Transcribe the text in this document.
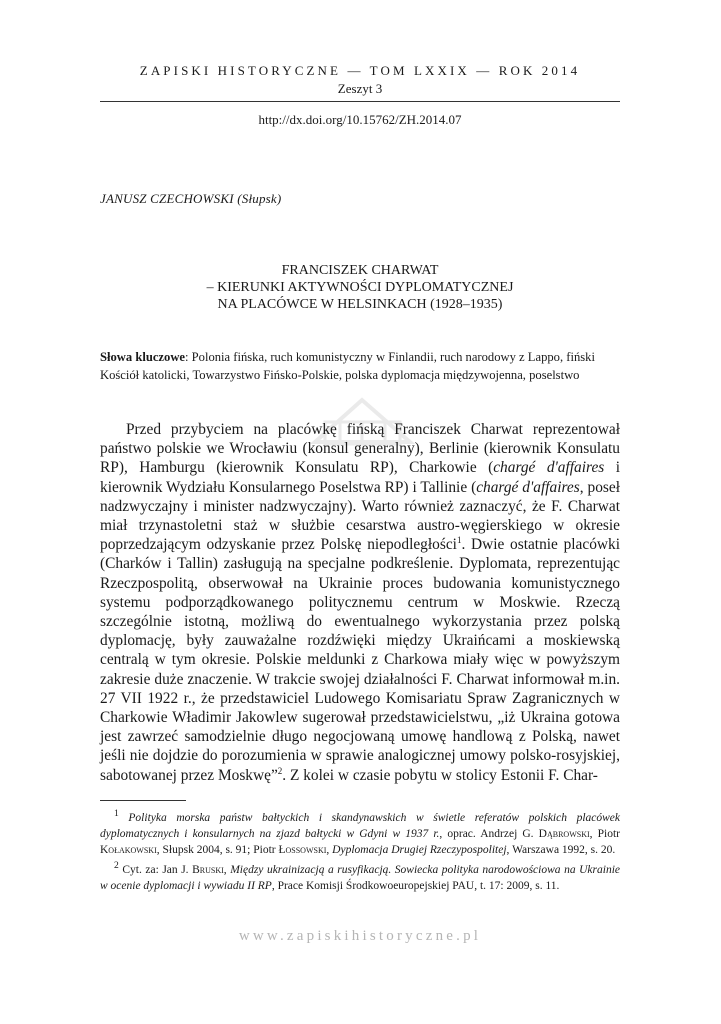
ZAPISKI HISTORYCZNE — TOM LXXIX — ROK 2014
Zeszyt 3
http://dx.doi.org/10.15762/ZH.2014.07
JANUSZ CZECHOWSKI (Słupsk)
FRANCISZEK CHARWAT
– KIERUNKI AKTYWNOŚCI DYPLOMATYCZNEJ
NA PLACÓWCE W HELSINKACH (1928–1935)
Słowa kluczowe: Polonia fińska, ruch komunistyczny w Finlandii, ruch narodowy z Lappo, fiński Kościół katolicki, Towarzystwo Fińsko-Polskie, polska dyplomacja międzywojenna, poselstwo

Przed przybyciem na placówkę fińską Franciszek Charwat reprezentował państwo polskie we Wrocławiu (konsul generalny), Berlinie (kierownik Konsulatu RP), Hamburgu (kierownik Konsulatu RP), Charkowie (chargé d'affaires i kierownik Wydziału Konsularnego Poselstwa RP) i Tallinie (chargé d'affaires, poseł nadzwyczajny i minister nadzwyczajny). Warto również zaznaczyć, że F. Charwat miał trzynastoletni staż w służbie cesarstwa austro-węgierskiego w okresie poprzedzającym odzyskanie przez Polskę niepodległości$^1$. Dwie ostatnie placówki (Charków i Tallin) zasługują na specjalne podkreślenie. Dyplomata, reprezentując Rzeczpospolitą, obserwował na Ukrainie proces budowania komunistycznego systemu podporządkowanego politycznemu centrum w Moskwie. Rzeczą szczególnie istotną, możliwą do ewentualnego wykorzystania przez polską dyplomację, były zauważalne rozdźwięki między Ukraińcami a moskiewską centralą w tym okresie. Polskie meldunki z Charkowa miały więc w powyższym zakresie duże znaczenie. W trakcie swojej działalności F. Charwat informował m.in. 27 VII 1922 r., że przedstawiciel Ludowego Komisariatu Spraw Zagranicznych w Charkowie Władimir Jakowlew sugerował przedstawicielstwu, „iż Ukraina gotowa jest zawrzeć samodzielnie długo negocjowaną umowę handlową z Polską, nawet jeśli nie dojdzie do porozumienia w sprawie analogicznej umowy polsko-rosyjskiej, sabotowanej przez Moskwę”$^2$. Z kolei w czasie pobytu w stolicy Estonii F. Char-

$^1$ Polityka morska państw bałtyckich i skandynawskich w świetle referatów polskich placówek dyplomatycznych i konsularnych na zjazd bałtycki w Gdyni w 1937 r., oprac. Andrzej G. Dąbrowski, Piotr Kołakowski, Słupsk 2004, s. 91; Piotr Łossowski, Dyplomacja Drugiej Rzeczypospolitej, Warszawa 1992, s. 20.

$^2$ Cyt. za: Jan J. Bruski, Między ukrainizacją a rusyfikacją. Sowiecka polityka narodowościowa na Ukrainie w ocenie dyplomacji i wywiadu II RP, Prace Komisji Środkowoeuropejskiej PAU, t. 17: 2009, s. 11.

www.zapiskihistoryczne.pl
